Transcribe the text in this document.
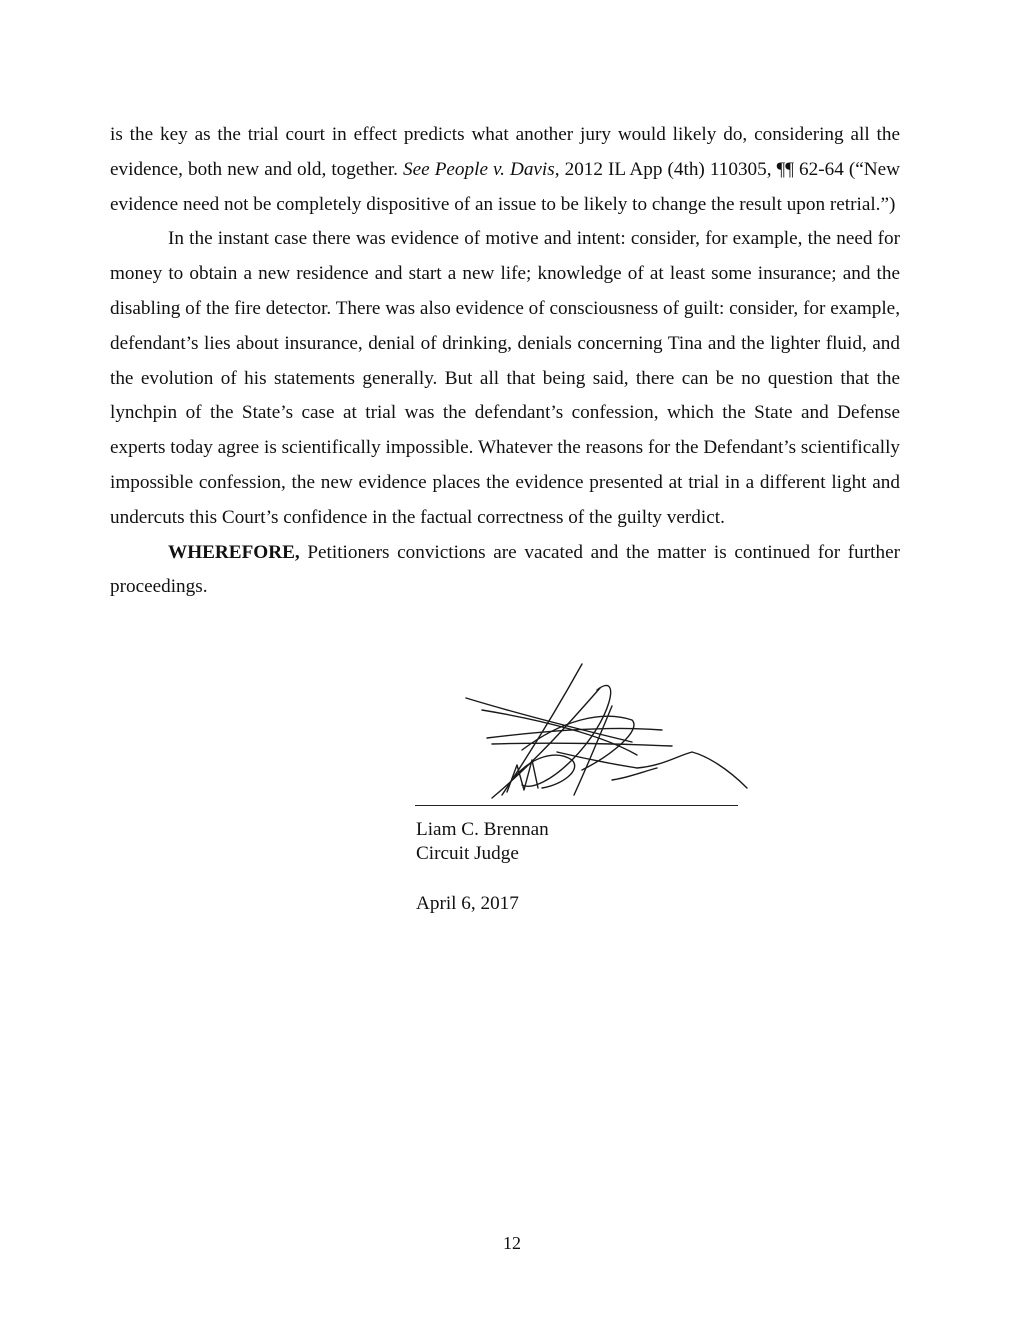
is the key as the trial court in effect predicts what another jury would likely do, considering all the evidence, both new and old, together. See People v. Davis, 2012 IL App (4th) 110305, ¶¶ 62-64 (“New evidence need not be completely dispositive of an issue to be likely to change the result upon retrial.”)

In the instant case there was evidence of motive and intent: consider, for example, the need for money to obtain a new residence and start a new life; knowledge of at least some insurance; and the disabling of the fire detector. There was also evidence of consciousness of guilt: consider, for example, defendant’s lies about insurance, denial of drinking, denials concerning Tina and the lighter fluid, and the evolution of his statements generally. But all that being said, there can be no question that the lynchpin of the State’s case at trial was the defendant’s confession, which the State and Defense experts today agree is scientifically impossible. Whatever the reasons for the Defendant’s scientifically impossible confession, the new evidence places the evidence presented at trial in a different light and undercuts this Court’s confidence in the factual correctness of the guilty verdict.

WHEREFORE, Petitioners convictions are vacated and the matter is continued for further proceedings.

Liam C. Brennan
Circuit Judge
April 6, 2017
12
